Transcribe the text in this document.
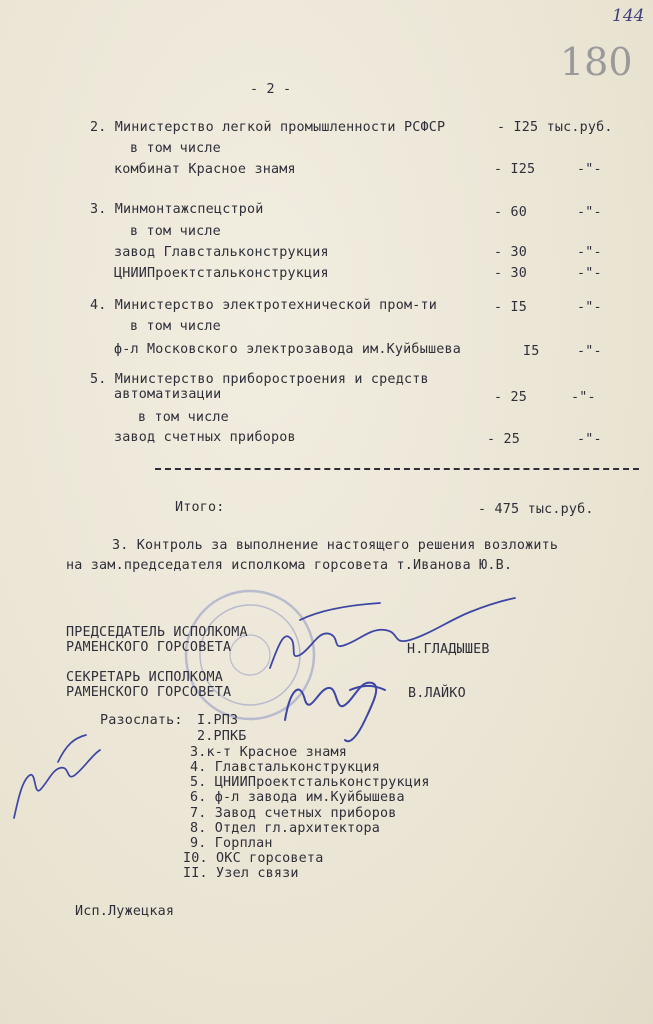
144
180
- 2 -
2. Министерство легкой промышленности РСФСР	- I25 тыс.руб.
в том числе
комбинат Красное знамя	- I25	-"-
3. Минмонтажспецстрой	- 60	-"-
в том числе
завод Главстальконструкция	- 30	-"-
ЦНИИПроектстальконструкция	- 30	-"-
4. Министерство электротехнической пром-ти	- I5	-"-
в том числе
ф-л Московского электрозавода им.Куйбышева	I5	-"-
5. Министерство приборостроения и средств
автоматизации	- 25	-"-
в том числе
завод счетных приборов	- 25	-"-
Итого:	- 475 тыс.руб.
3. Контроль за выполнение настоящего решения возложить
на зам.председателя исполкома горсовета т.Иванова Ю.В.
ПРЕДСЕДАТЕЛЬ ИСПОЛКОМА
РАМЕНСКОГО ГОРСОВЕТА	Н.ГЛАДЫШЕВ
СЕКРЕТАРЬ ИСПОЛКОМА
РАМЕНСКОГО ГОРСОВЕТА	В.ЛАЙКО
Разослать: I.РПЗ
2.РПКБ
3.к-т Красное знамя
4. Главстальконструкция
5. ЦНИИПроектстальконструкция
6. ф-л завода им.Куйбышева
7. Завод счетных приборов
8. Отдел гл.архитектора
9. Горплан
I0. ОКС горсовета
II. Узел связи
Исп.Лужецкая
